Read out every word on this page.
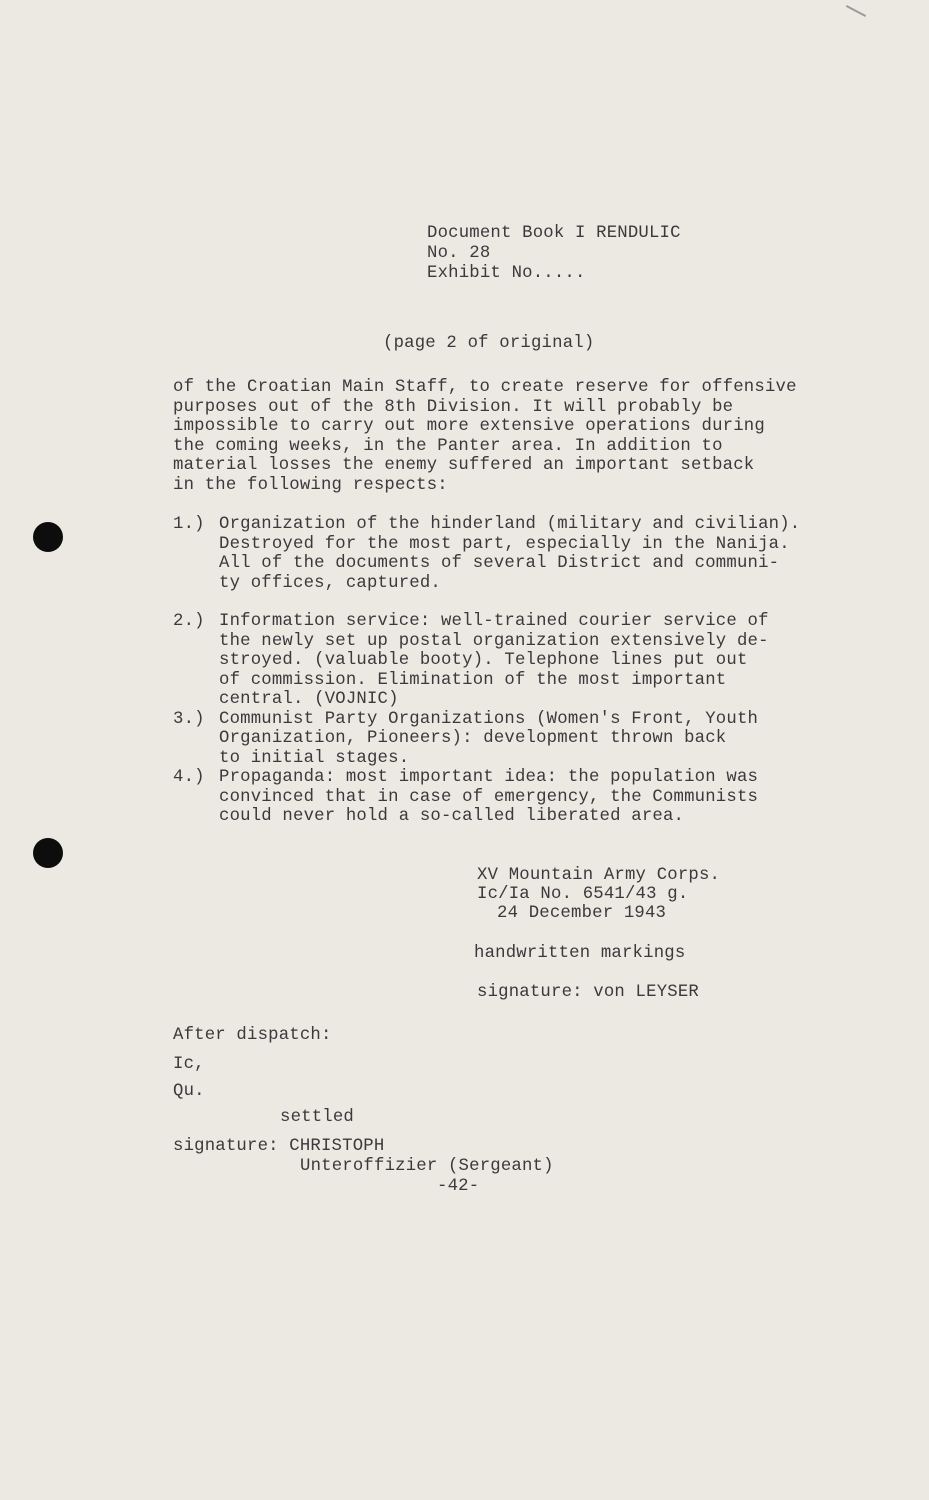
Document Book I RENDULIC
No. 28
Exhibit No.....
(page 2 of original)
of the Croatian Main Staff, to create reserve for offensive
purposes out of the 8th Division. It will probably be
impossible to carry out more extensive operations during
the coming weeks, in the Panter area. In addition to
material losses the enemy suffered an important setback
in the following respects:
1.) Organization of the hinderland (military and civilian).
Destroyed for the most part, especially in the Nanija.
All of the documents of several District and communi-
ty offices, captured.
2.) Information service: well-trained courier service of
the newly set up postal organization extensively de-
stroyed. (valuable booty). Telephone lines put out
of commission. Elimination of the most important
central. (VOJNIC)
3.) Communist Party Organizations (Women's Front, Youth
Organization, Pioneers): development thrown back
to initial stages.
4.) Propaganda: most important idea: the population was
convinced that in case of emergency, the Communists
could never hold a so-called liberated area.
XV Mountain Army Corps.
Ic/Ia No. 6541/43 g.
24 December 1943
handwritten markings
signature: von LEYSER
After dispatch:
Ic,
Qu.
settled
signature: CHRISTOPH
Unteroffizier (Sergeant)
-42-
